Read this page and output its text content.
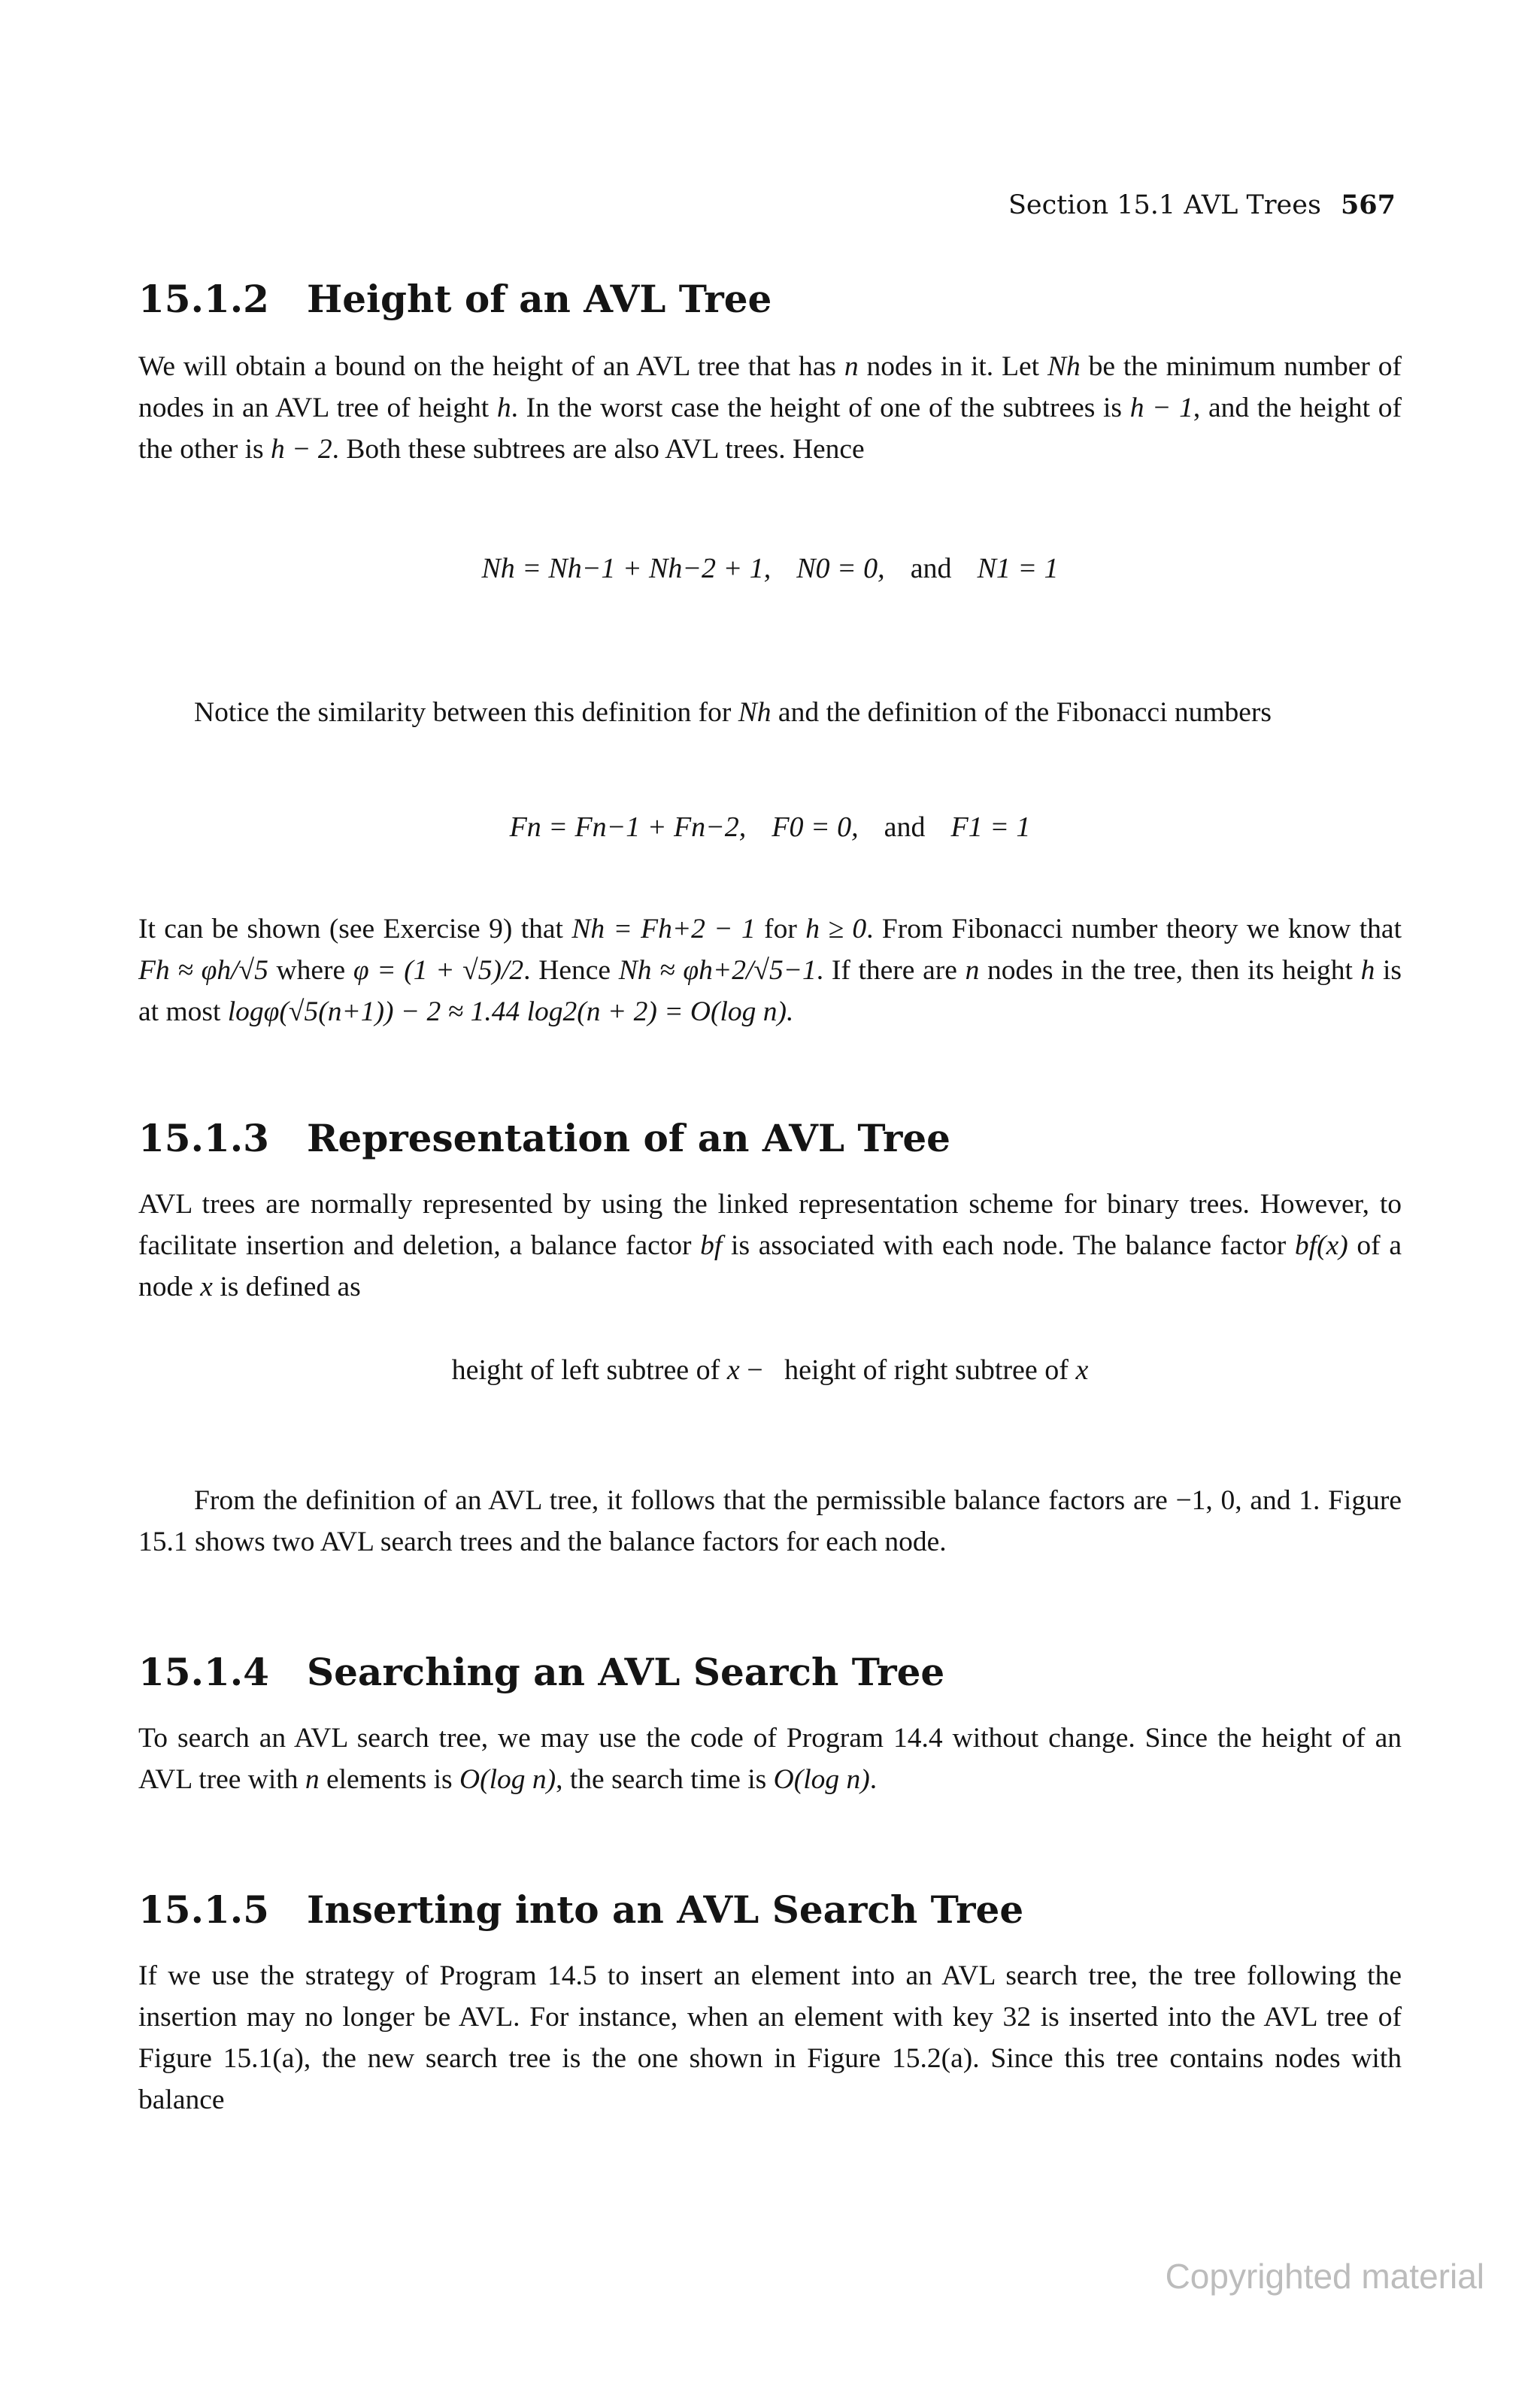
Section 15.1 AVL Trees 567
15.1.2 Height of an AVL Tree

We will obtain a bound on the height of an AVL tree that has n nodes in it. Let Nh be the minimum number of nodes in an AVL tree of height h. In the worst case the height of one of the subtrees is h − 1, and the height of the other is h − 2. Both these subtrees are also AVL trees. Hence

Nh = Nh−1 + Nh−2 + 1, N0 = 0, and N1 = 1

Notice the similarity between this definition for Nh and the definition of the Fibonacci numbers

Fn = Fn−1 + Fn−2, F0 = 0, and F1 = 1

It can be shown (see Exercise 9) that Nh = Fh+2 − 1 for h ≥ 0. From Fibonacci number theory we know that Fh ≈ φh/√5 where φ = (1 + √5)/2. Hence Nh ≈ φh+2/√5−1. If there are n nodes in the tree, then its height h is at most logφ(√5(n+1)) − 2 ≈ 1.44 log2(n + 2) = O(log n).

15.1.3 Representation of an AVL Tree

AVL trees are normally represented by using the linked representation scheme for binary trees. However, to facilitate insertion and deletion, a balance factor bf is associated with each node. The balance factor bf(x) of a node x is defined as

height of left subtree of x −   height of right subtree of x

From the definition of an AVL tree, it follows that the permissible balance factors are −1, 0, and 1. Figure 15.1 shows two AVL search trees and the balance factors for each node.

15.1.4 Searching an AVL Search Tree

To search an AVL search tree, we may use the code of Program 14.4 without change. Since the height of an AVL tree with n elements is O(log n), the search time is O(log n).

15.1.5 Inserting into an AVL Search Tree

If we use the strategy of Program 14.5 to insert an element into an AVL search tree, the tree following the insertion may no longer be AVL. For instance, when an element with key 32 is inserted into the AVL tree of Figure 15.1(a), the new search tree is the one shown in Figure 15.2(a). Since this tree contains nodes with balance

Copyrighted material
